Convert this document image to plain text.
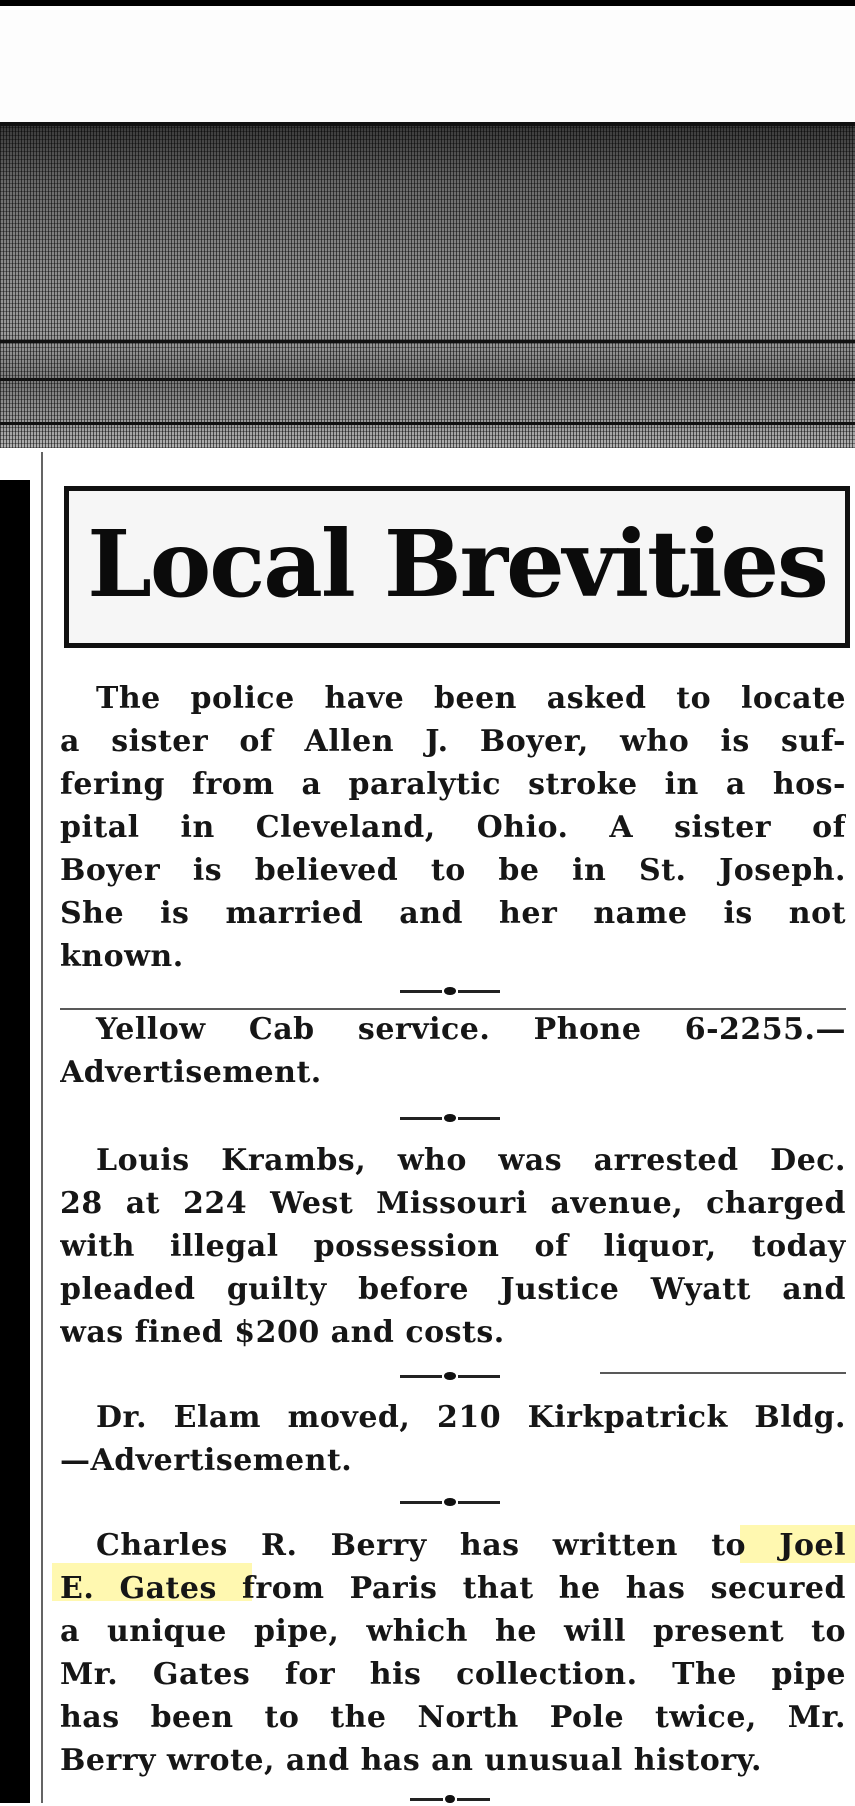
Local Brevities
The police have been asked to locate
a sister of Allen J. Boyer, who is suf-
fering from a paralytic stroke in a hos-
pital in Cleveland, Ohio. A sister of
Boyer is believed to be in St. Joseph.
She is married and her name is not
known.
Yellow Cab service. Phone 6-2255.—
Advertisement.
Louis Krambs, who was arrested Dec.
28 at 224 West Missouri avenue, charged
with illegal possession of liquor, today
pleaded guilty before Justice Wyatt and
was fined $200 and costs.
Dr. Elam moved, 210 Kirkpatrick Bldg.
—Advertisement.
Charles R. Berry has written to Joel
E. Gates from Paris that he has secured
a unique pipe, which he will present to
Mr. Gates for his collection. The pipe
has been to the North Pole twice, Mr.
Berry wrote, and has an unusual history.
